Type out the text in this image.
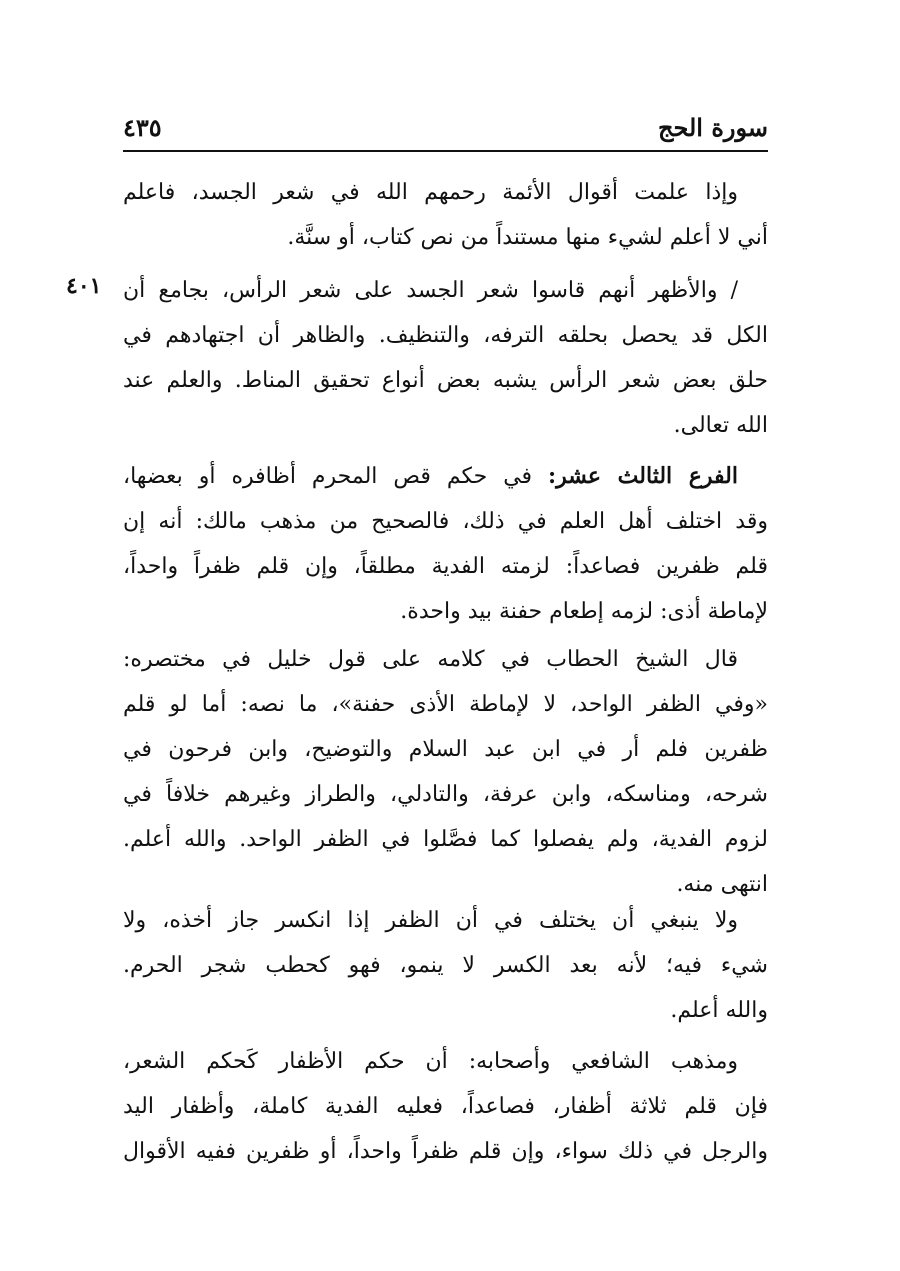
سورة الحج
٤٣٥
٤٠١
وإذا علمت أقوال الأئمة رحمهم الله في شعر الجسد، فاعلم
أني لا أعلم لشيء منها مستنداً من نص كتاب، أو سنَّة.
/ والأظهر أنهم قاسوا شعر الجسد على شعر الرأس، بجامع أن
الكل قد يحصل بحلقه الترفه، والتنظيف. والظاهر أن اجتهادهم في
حلق بعض شعر الرأس يشبه بعض أنواع تحقيق المناط. والعلم عند
الله تعالى.
الفرع الثالث عشر: في حكم قص المحرم أظافره أو بعضها،
وقد اختلف أهل العلم في ذلك، فالصحيح من مذهب مالك: أنه إن
قلم ظفرين فصاعداً: لزمته الفدية مطلقاً، وإن قلم ظفراً واحداً،
لإماطة أذى: لزمه إطعام حفنة بيد واحدة.
قال الشيخ الحطاب في كلامه على قول خليل في مختصره:
«وفي الظفر الواحد، لا لإماطة الأذى حفنة»، ما نصه: أما لو قلم
ظفرين فلم أر في ابن عبد السلام والتوضيح، وابن فرحون في
شرحه، ومناسكه، وابن عرفة، والتادلي، والطراز وغيرهم خلافاً في
لزوم الفدية، ولم يفصلوا كما فصَّلوا في الظفر الواحد. والله أعلم.
انتهى منه.
ولا ينبغي أن يختلف في أن الظفر إذا انكسر جاز أخذه، ولا
شيء فيه؛ لأنه بعد الكسر لا ينمو، فهو كحطب شجر الحرم.
والله أعلم.
ومذهب الشافعي وأصحابه: أن حكم الأظفار كَحكم الشعر،
فإن قلم ثلاثة أظفار، فصاعداً، فعليه الفدية كاملة، وأظفار اليد
والرجل في ذلك سواء، وإن قلم ظفراً واحداً، أو ظفرين ففيه الأقوال
